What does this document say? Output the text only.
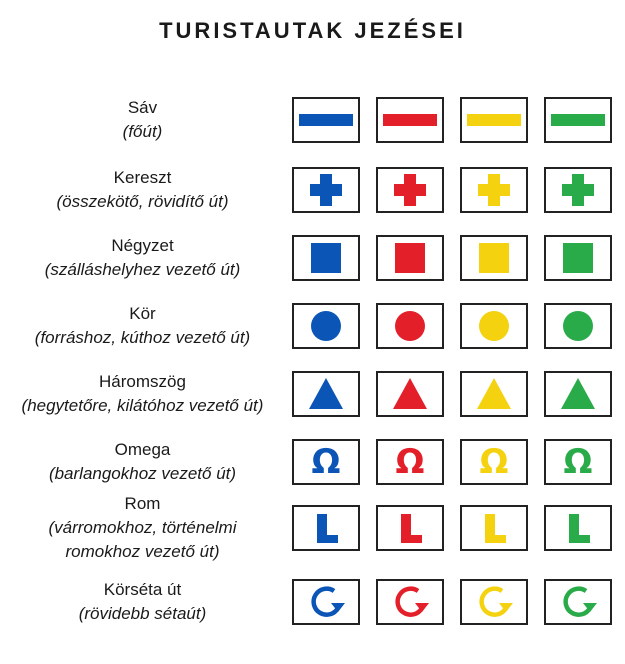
TURISTAUTAK JEZÉSEI
Sáv
(főút)
Kereszt
(összekötő, rövidítő út)
Négyzet
(szálláshelyhez vezető út)
Kör
(forráshoz, kúthoz vezető út)
Háromszög
(hegytetőre, kilátóhoz vezető út)
Omega
(barlangokhoz vezető út)	Ω	Ω	Ω	Ω
Rom
(várromokhoz, történelmi
romokhoz vezető út)
Körséta út
(rövidebb sétaút)
